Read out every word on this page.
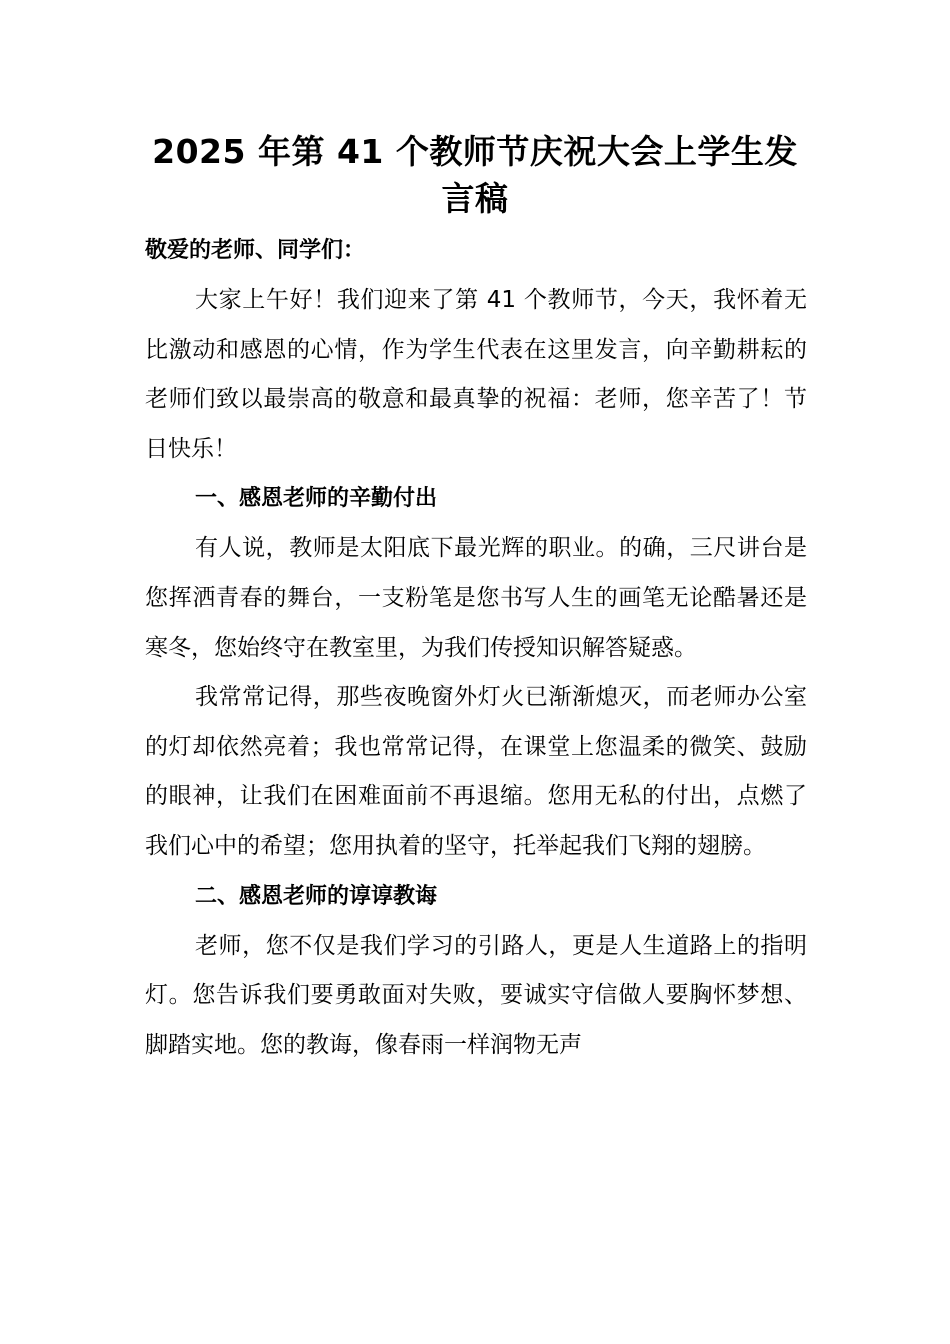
2025 年第 41 个教师节庆祝大会上学生发言稿

敬爱的老师、同学们：

大家上午好！我们迎来了第 41 个教师节，今天，我怀着无比激动和感恩的心情，作为学生代表在这里发言，向辛勤耕耘的老师们致以最崇高的敬意和最真挚的祝福：老师，您辛苦了！节日快乐！

一、感恩老师的辛勤付出

有人说，教师是太阳底下最光辉的职业。的确，三尺讲台是您挥洒青春的舞台，一支粉笔是您书写人生的画笔无论酷暑还是寒冬，您始终守在教室里，为我们传授知识解答疑惑。

我常常记得，那些夜晚窗外灯火已渐渐熄灭，而老师办公室的灯却依然亮着；我也常常记得，在课堂上您温柔的微笑、鼓励的眼神，让我们在困难面前不再退缩。您用无私的付出，点燃了我们心中的希望；您用执着的坚守，托举起我们飞翔的翅膀。

二、感恩老师的谆谆教诲

老师，您不仅是我们学习的引路人，更是人生道路上的指明灯。您告诉我们要勇敢面对失败，要诚实守信做人要胸怀梦想、脚踏实地。您的教诲，像春雨一样润物无声
